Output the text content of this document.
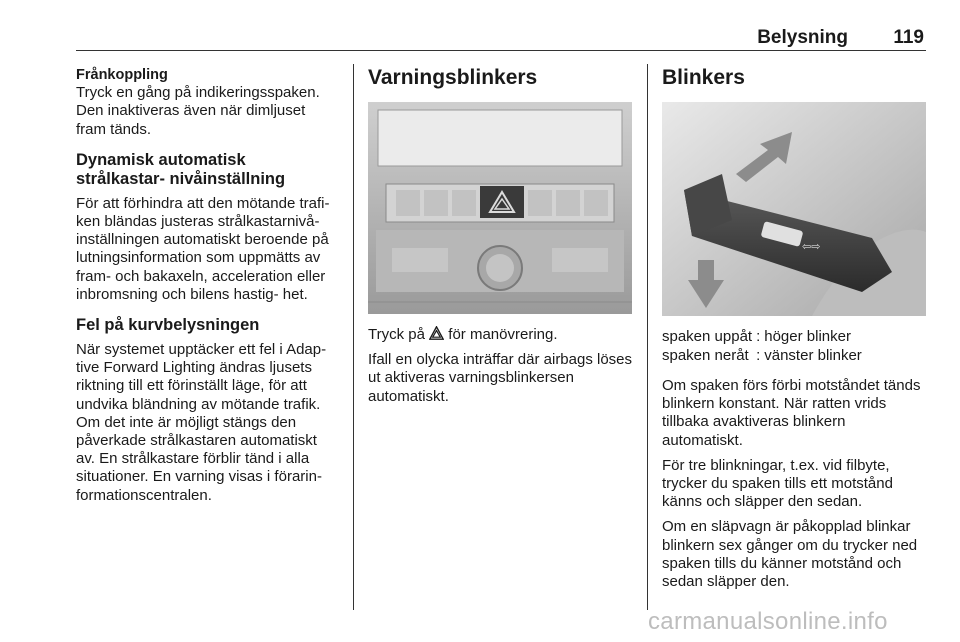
Belysning 119
Frånkoppling

Tryck en gång på indikeringsspaken. Den inaktiveras även när dimljuset fram tänds.

Dynamisk automatisk strålkastar- nivåinställning

För att förhindra att den mötande trafi- ken bländas justeras strålkastarnivå- inställningen automatiskt beroende på lutningsinformation som uppmätts av fram- och bakaxeln, acceleration eller inbromsning och bilens hastig- het.

Fel på kurvbelysningen

När systemet upptäcker ett fel i Adap- tive Forward Lighting ändras ljusets riktning till ett förinställt läge, för att undvika bländning av mötande trafik. Om det inte är möjligt stängs den påverkade strålkastaren automatiskt av. En strålkastare förblir tänd i alla situationer. En varning visas i förarin- formationscentralen.

Varningsblinkers

Tryck på för manövrering.

Ifall en olycka inträffar där airbags löses ut aktiveras varningsblinkersen automatiskt.

Blinkers
⇦⇨
spaken uppåt	:	höger blinker
spaken neråt	:	vänster blinker

Om spaken förs förbi motståndet tänds blinkern konstant. När ratten vrids tillbaka avaktiveras blinkern automatiskt.

För tre blinkningar, t.ex. vid filbyte, trycker du spaken tills ett motstånd känns och släpper den sedan.

Om en släpvagn är påkopplad blinkar blinkern sex gånger om du trycker ned spaken tills du känner motstånd och sedan släpper den.

carmanualsonline.info
